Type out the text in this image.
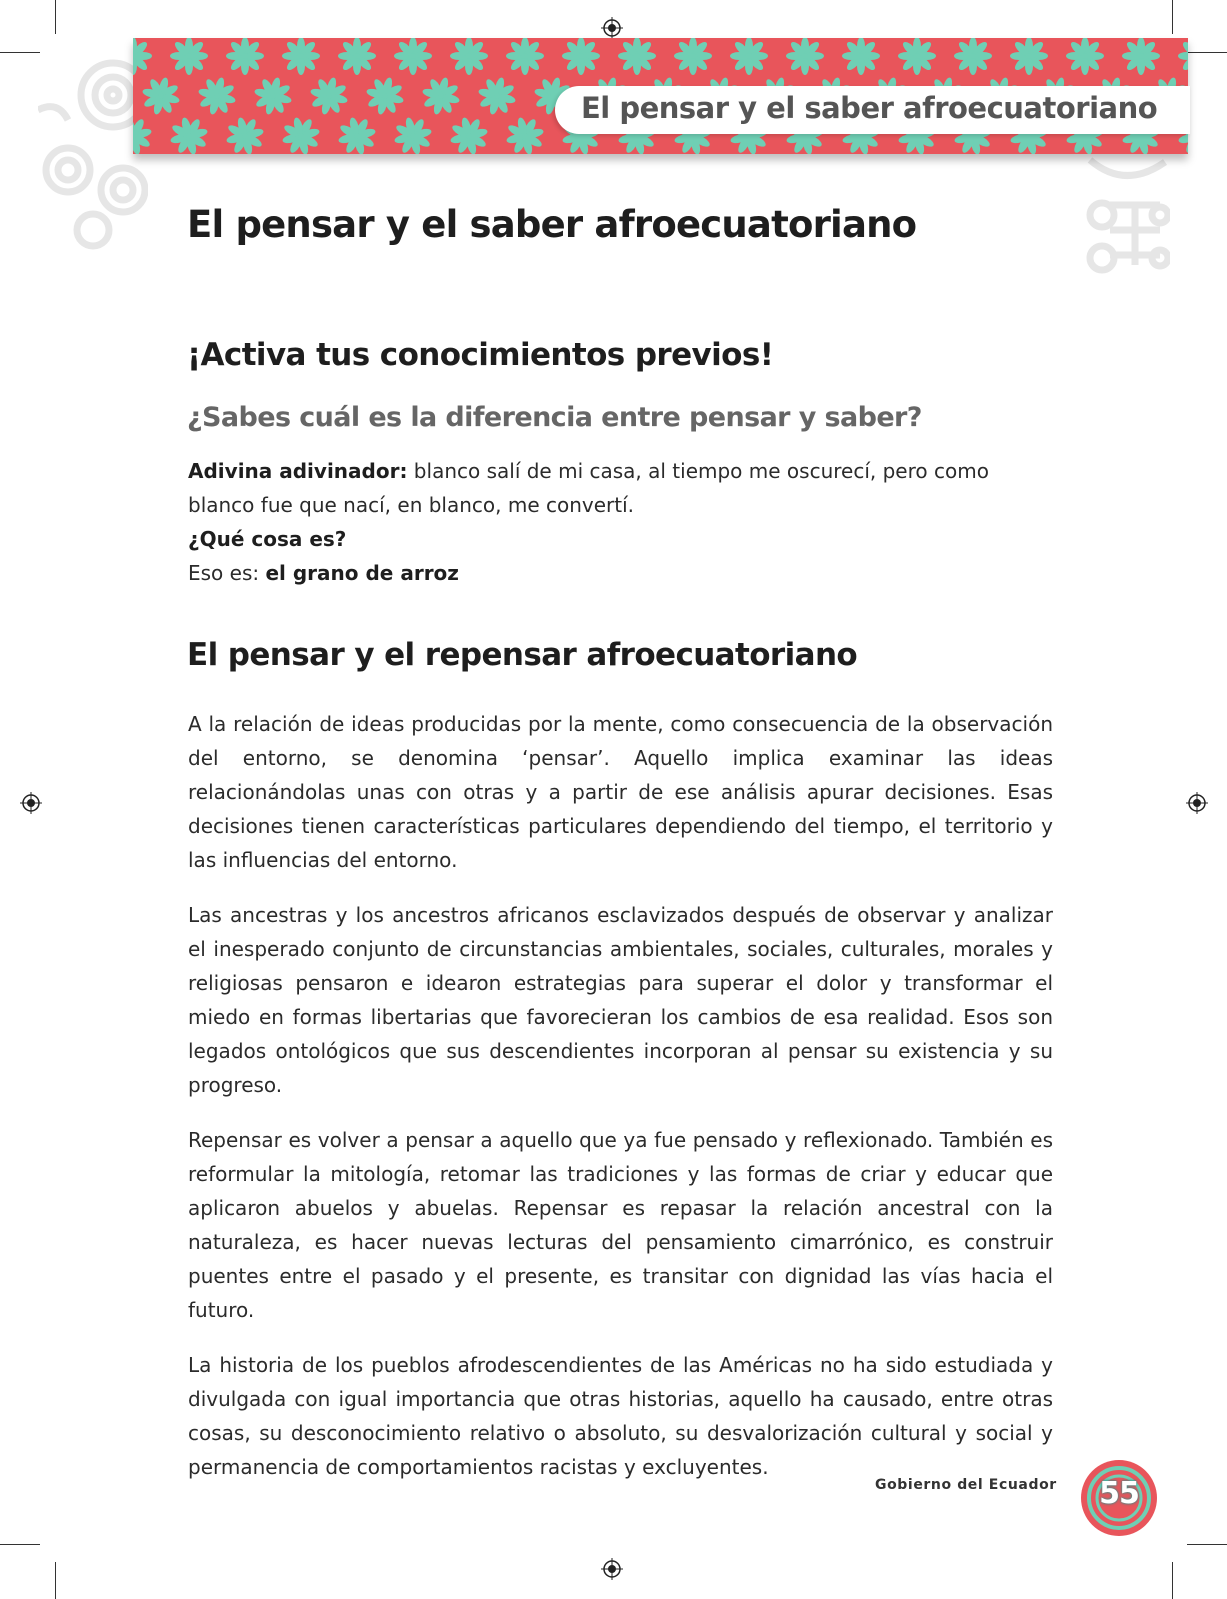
El pensar y el saber afroecuatoriano
El pensar y el saber afroecuatoriano
¡Activa tus conocimientos previos!
¿Sabes cuál es la diferencia entre pensar y saber?

Adivina adivinador: blanco salí de mi casa, al tiempo me oscurecí, pero como blanco fue que nací, en blanco, me convertí.

¿Qué cosa es?

Eso es: el grano de arroz

El pensar y el repensar afroecuatoriano

A la relación de ideas producidas por la mente, como consecuencia de la observación del entorno, se denomina ‘pensar’. Aquello implica examinar las ideas relacionándolas unas con otras y a partir de ese análisis apurar decisiones. Esas decisiones tienen características particulares dependiendo del tiempo, el territorio y las influencias del entorno.

Las ancestras y los ancestros africanos esclavizados después de observar y analizar el inesperado conjunto de circunstancias ambientales, sociales, culturales, morales y religiosas pensaron e idearon estrategias para superar el dolor y transformar el miedo en formas libertarias que favorecieran los cambios de esa realidad. Esos son legados ontológicos que sus descendientes incorporan al pensar su existencia y su progreso.

Repensar es volver a pensar a aquello que ya fue pensado y reflexionado. También es reformular la mitología, retomar las tradiciones y las formas de criar y educar que aplicaron abuelos y abuelas. Repensar es repasar la relación ancestral con la naturaleza, es hacer nuevas lecturas del pensamiento cimarrónico, es construir puentes entre el pasado y el presente, es transitar con dignidad las vías hacia el futuro.

La historia de los pueblos afrodescendientes de las Américas no ha sido estudiada y divulgada con igual importancia que otras historias, aquello ha causado, entre otras cosas, su desconocimiento relativo o absoluto, su desvalorización cultural y social y permanencia de comportamientos racistas y excluyentes.

Gobierno del Ecuador	55
